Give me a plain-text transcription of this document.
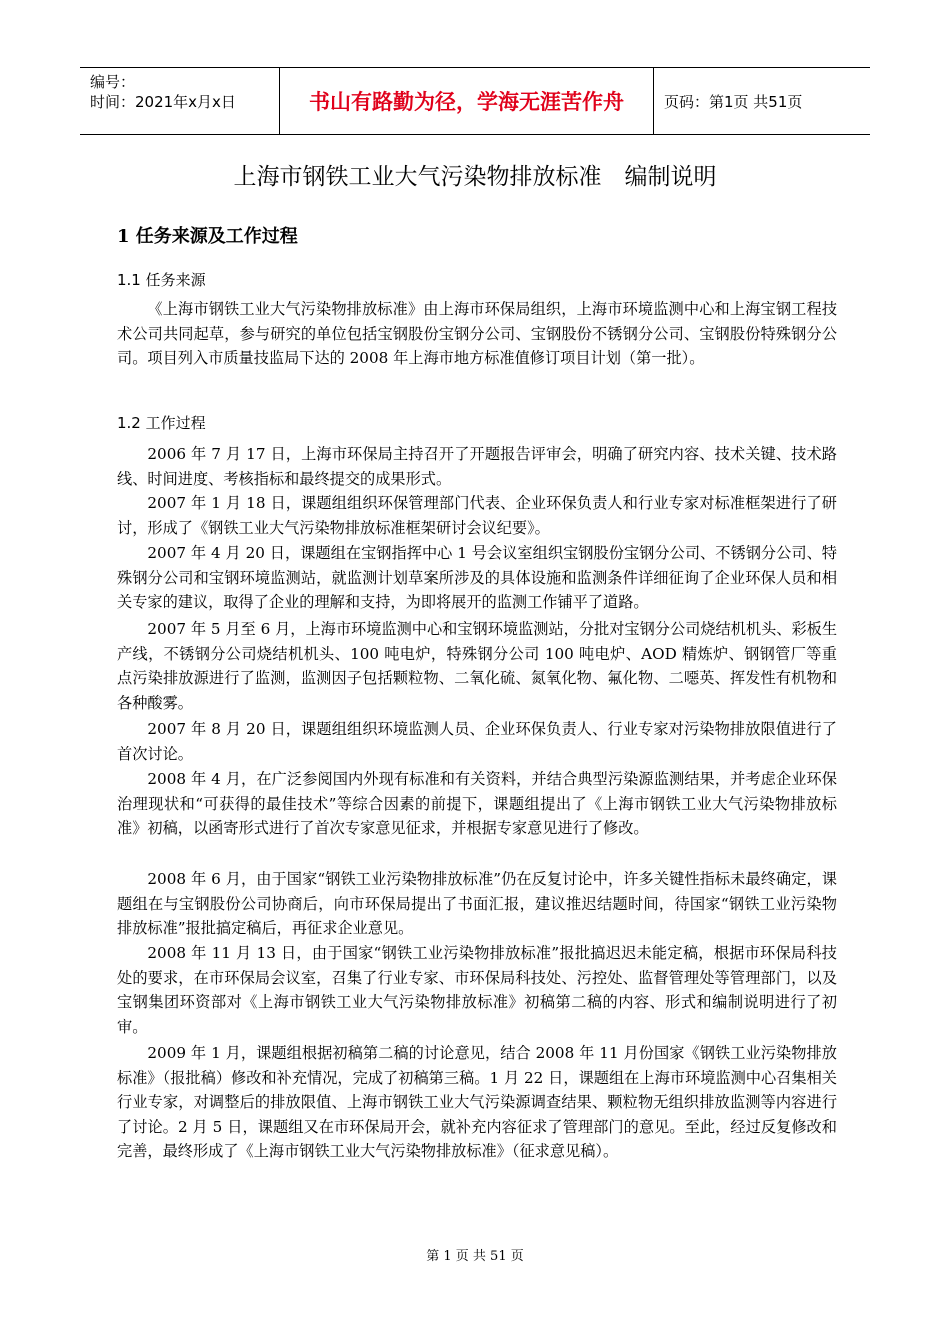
编号：
时间：2021年x月x日	书山有路勤为径，学海无涯苦作舟	页码：第1页 共51页
上海市钢铁工业大气污染物排放标准　编制说明
1 任务来源及工作过程
1.1 任务来源

《上海市钢铁工业大气污染物排放标准》由上海市环保局组织，上海市环境监测中心和上海宝钢工程技术公司共同起草，参与研究的单位包括宝钢股份宝钢分公司、宝钢股份不锈钢分公司、宝钢股份特殊钢分公司。项目列入市质量技监局下达的 2008 年上海市地方标准值修订项目计划（第一批）。

1.2 工作过程

2006 年 7 月 17 日，上海市环保局主持召开了开题报告评审会，明确了研究内容、技术关键、技术路线、时间进度、考核指标和最终提交的成果形式。

2007 年 1 月 18 日，课题组组织环保管理部门代表、企业环保负责人和行业专家对标准框架进行了研讨，形成了《钢铁工业大气污染物排放标准框架研讨会议纪要》。

2007 年 4 月 20 日，课题组在宝钢指挥中心 1 号会议室组织宝钢股份宝钢分公司、不锈钢分公司、特殊钢分公司和宝钢环境监测站，就监测计划草案所涉及的具体设施和监测条件详细征询了企业环保人员和相关专家的建议，取得了企业的理解和支持，为即将展开的监测工作铺平了道路。

2007 年 5 月至 6 月，上海市环境监测中心和宝钢环境监测站，分批对宝钢分公司烧结机机头、彩板生产线，不锈钢分公司烧结机机头、100 吨电炉，特殊钢分公司 100 吨电炉、AOD 精炼炉、钢钢管厂等重点污染排放源进行了监测，监测因子包括颗粒物、二氧化硫、氮氧化物、氟化物、二噁英、挥发性有机物和各种酸雾。

2007 年 8 月 20 日，课题组组织环境监测人员、企业环保负责人、行业专家对污染物排放限值进行了首次讨论。

2008 年 4 月，在广泛参阅国内外现有标准和有关资料，并结合典型污染源监测结果，并考虑企业环保治理现状和“可获得的最佳技术”等综合因素的前提下，课题组提出了《上海市钢铁工业大气污染物排放标准》初稿，以函寄形式进行了首次专家意见征求，并根据专家意见进行了修改。

2008 年 6 月，由于国家“钢铁工业污染物排放标准”仍在反复讨论中，许多关键性指标未最终确定，课题组在与宝钢股份公司协商后，向市环保局提出了书面汇报，建议推迟结题时间，待国家“钢铁工业污染物排放标准”报批搞定稿后，再征求企业意见。

2008 年 11 月 13 日，由于国家“钢铁工业污染物排放标准”报批搞迟迟未能定稿，根据市环保局科技处的要求，在市环保局会议室，召集了行业专家、市环保局科技处、污控处、监督管理处等管理部门，以及宝钢集团环资部对《上海市钢铁工业大气污染物排放标准》初稿第二稿的内容、形式和编制说明进行了初审。

2009 年 1 月，课题组根据初稿第二稿的讨论意见，结合 2008 年 11 月份国家《钢铁工业污染物排放标准》（报批稿）修改和补充情况，完成了初稿第三稿。1 月 22 日，课题组在上海市环境监测中心召集相关行业专家，对调整后的排放限值、上海市钢铁工业大气污染源调查结果、颗粒物无组织排放监测等内容进行了讨论。2 月 5 日，课题组又在市环保局开会，就补充内容征求了管理部门的意见。至此，经过反复修改和完善，最终形成了《上海市钢铁工业大气污染物排放标准》（征求意见稿）。

第 1 页 共 51 页
